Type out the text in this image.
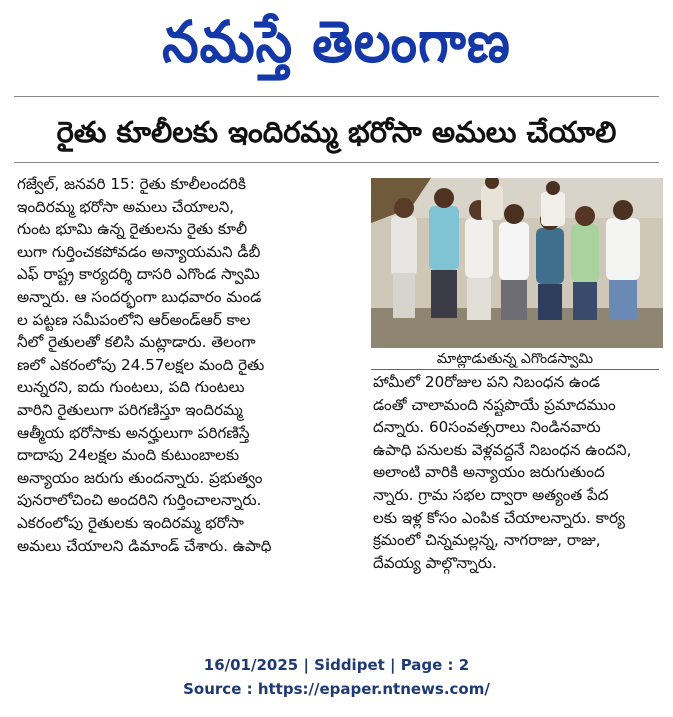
నమస్తే తెలంగాణ
రైతు కూలీలకు ఇందిరమ్మ భరోసా అమలు చేయాలి
గజ్వేల్, జనవరి 15: రైతు కూలీలందరికి
ఇందిరమ్మ భరోసా అమలు చేయాలని,
గుంట భూమి ఉన్న రైతులను రైతు కూలీ
లుగా గుర్తించకపోవడం అన్యాయమని డీబీ
ఎఫ్ రాష్ట్ర కార్యదర్శి దాసరి ఎగొండ స్వామి
అన్నారు. ఆ సందర్భంగా బుధవారం మండ
ల పట్టణ సమీపంలోని ఆర్అండ్ఆర్ కాల
నీలో రైతులతో కలిసి మట్లాడారు. తెలంగా
ణలో ఎకరంలోపు 24.57లక్షల మంది రైతు
లున్నరని, ఐదు గుంటలు, పది గుంటలు
వారిని రైతులుగా పరిగణిస్తూ ఇందిరమ్మ
ఆత్మీయ భరోసాకు అనర్హులుగా పరిగణిస్తే
దాదాపు 24లక్షల మంది కుటుంబాలకు
అన్యాయం జరుగు తుందన్నారు. ప్రభుత్వం
పునరాలోచించి అందరిని గుర్తించాలన్నారు.
ఎకరంలోపు రైతులకు ఇందిరమ్మ భరోసా
అమలు చేయాలని డిమాండ్ చేశారు. ఉపాధి
మాట్లాడుతున్న ఎగొండస్వామి
హామీలో 20రోజుల పని నిబంధన ఉండ
డంతో చాలామంది నష్టపొయే ప్రమాదముం
దన్నారు. 60సంవత్సరాలు నిండినవారు
ఉపాధి పనులకు వెళ్లవద్దనే నిబంధన ఉందని,
అలాంటి వారికి అన్యాయం జరుగుతుంద
న్నారు. గ్రామ సభల ద్వారా అత్యంత పేద
లకు ఇళ్ల కోసం ఎంపిక చేయాలన్నారు. కార్య
క్రమంలో చిన్నమల్లన్న, నాగరాజు, రాజు,
దేవయ్య పాల్గొన్నారు.
16/01/2025 | Siddipet | Page : 2
Source : https://epaper.ntnews.com/
